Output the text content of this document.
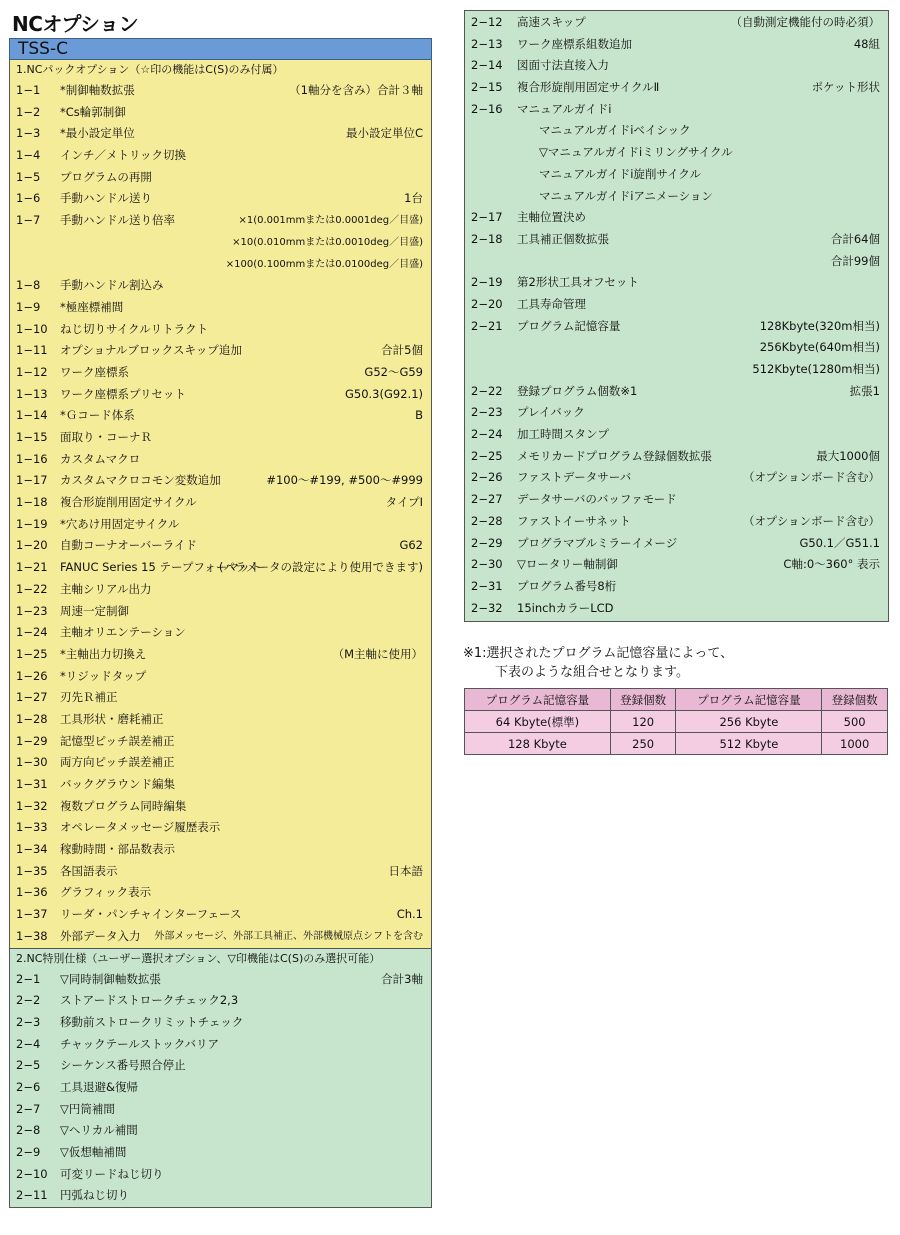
NCオプション
TSS-C
1.NCパックオプション（☆印の機能はC(S)のみ付属）
1−1 *制御軸数拡張	（1軸分を含み）合計３軸
1−2 *Cs輪郭制御
1−3 *最小設定単位	最小設定単位C
1−4 インチ／メトリック切換
1−5 プログラムの再開
1−6 手動ハンドル送り	1台
1−7 手動ハンドル送り倍率	×1(0.001mmまたは0.0001deg／目盛)
×10(0.010mmまたは0.0010deg／目盛)
×100(0.100mmまたは0.0100deg／目盛)
1−8 手動ハンドル割込み
1−9 *極座標補間
1−10 ねじ切りサイクルリトラクト
1−11 オプショナルブロックスキップ追加	合計5個
1−12 ワーク座標系	G52〜G59
1−13 ワーク座標系プリセット	G50.3(G92.1)
1−14 *Ｇコード体系	B
1−15 面取り・コーナＲ
1−16 カスタムマクロ
1−17 カスタムマクロコモン変数追加	#100〜#199, #500〜#999
1−18 複合形旋削用固定サイクル	タイプⅠ
1−19 *穴あけ用固定サイクル
1−20 自動コーナオーバーライド	G62
1−21 FANUC Series 15 テープフォーマット
(パラメータの設定により使用できます)
1−22 主軸シリアル出力
1−23 周速一定制御
1−24 主軸オリエンテーション
1−25 *主軸出力切換え	（M主軸に使用）
1−26 *リジッドタップ
1−27 刃先Ｒ補正
1−28 工具形状・磨耗補正
1−29 記憶型ピッチ誤差補正
1−30 両方向ピッチ誤差補正
1−31 バックグラウンド編集
1−32 複数プログラム同時編集
1−33 オペレータメッセージ履歴表示
1−34 稼動時間・部品数表示
1−35 各国語表示	日本語
1−36 グラフィック表示
1−37 リーダ・パンチャインターフェース	Ch.1
1−38 外部データ入力 外部メッセージ、外部工具補正、外部機械原点シフトを含む
2.NC特別仕様（ユーザー選択オプション、▽印機能はC(S)のみ選択可能）
2−1 ▽同時制御軸数拡張	合計3軸
2−2 ストアードストロークチェック2,3
2−3 移動前ストロークリミットチェック
2−4 チャックテールストックバリア
2−5 シーケンス番号照合停止
2−6 工具退避&復帰
2−7 ▽円筒補間
2−8 ▽ヘリカル補間
2−9 ▽仮想軸補間
2−10 可変リードねじ切り
2−11 円弧ねじ切り
2−12 高速スキップ	（自動測定機能付の時必須）
2−13 ワーク座標系組数追加	48組
2−14 図面寸法直接入力
2−15 複合形旋削用固定サイクルⅡ	ポケット形状
2−16 マニュアルガイドi
マニュアルガイドiベイシック
▽マニュアルガイドiミリングサイクル
マニュアルガイドi旋削サイクル
マニュアルガイドiアニメーション
2−17 主軸位置決め
2−18 工具補正個数拡張	合計64個
合計99個
2−19 第2形状工具オフセット
2−20 工具寿命管理
2−21 プログラム記憶容量	128Kbyte(320m相当)
256Kbyte(640m相当)
512Kbyte(1280m相当)
2−22 登録プログラム個数※1	拡張1
2−23 プレイバック
2−24 加工時間スタンプ
2−25 メモリカードプログラム登録個数拡張	最大1000個
2−26 ファストデータサーバ	（オプションボード含む）
2−27 データサーバのバッファモード
2−28 ファストイーサネット	（オプションボード含む）
2−29 プログラマブルミラーイメージ	G50.1／G51.1
2−30 ▽ロータリー軸制御	C軸:0〜360° 表示
2−31 プログラム番号8桁
2−32 15inchカラーLCD
※1:選択されたプログラム記憶容量によって、
下表のような組合せとなります。
プログラム記憶容量	登録個数	プログラム記憶容量	登録個数
64 Kbyte(標準)	120	256 Kbyte	500
128 Kbyte	250	512 Kbyte	1000
